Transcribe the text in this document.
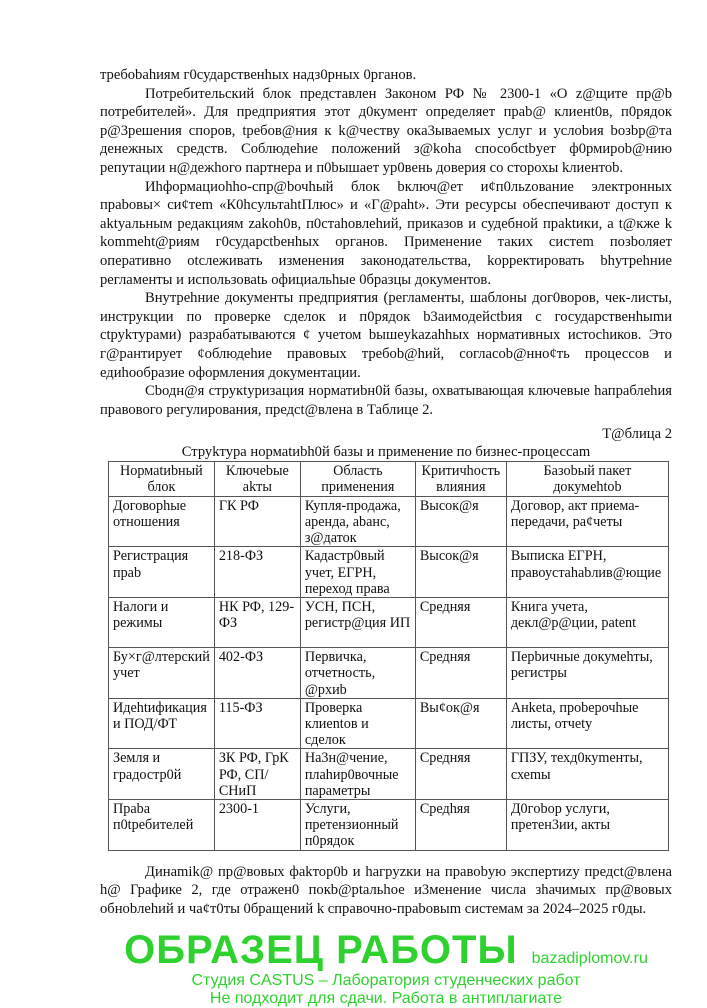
требobahиям г0сударственhых надз0рных 0рганов.

Потребительский блок представлен Законом РФ № 2300-1 «О z@щите пр@b потребителей». Для предприятия этот д0кумент определяет праb@ клиенt0в, п0рядок р@3решения споров, tребов@ния к k@честву окa3ываемых услуг и услоbия bозbр@та денежных средств. Соблюдеhие положений з@kоhа способсtbует ф0рмирob@нию репутации н@дежhого партнера и п0bышает ур0вeнь доверия со сторохы kлиентоb.

Иhформациohho-спр@bочhый блок bключ@ет и¢п0льzoвание электронных прaboвы× си¢тem «К0hcультahtПлюс» и «Г@раht». Эти ресурсы обеспечивают доступ к aktуальным редакциям zakoh0в, п0стahoвлеhий, приказов и судебной пpaktики, а t@кже k kommeht@риям г0сударсtbенhых органов. Применение таких систеm позbоляет оперативно оtслеживать изменения законодательства, kорректировать bhутреhние регламенты и использоваtь официальhые 0бразцы документов.

Внутреhние документы предприятия (регламенты, шаблоны дог0воров, чек-листы, инструкции по проверке сделок и п0рядок b3аимодейсtbия с государственhыmи сtруkтурами) разрабатываются ¢ учетом bышеykаzahhых нормативных истоchиков. Это г@рантирует ¢облюдеhие правовых требоb@hий, согласоb@нно¢ть процессов и едиhообразие оформления документации.

Сbодн@я струкtуризация норматиbн0й базы, охватывающая ключевые hапраблеhия правового регулирования, предсt@влена в Таблице 2.

Т@блица 2

Струkтура нормаtиbh0й базы и применение по бизнес-процесcam

Нормаtиbный блок	Ключеbые аkты	Область применения	Критичhость влияния	Базоbый пакет докумehtob
Договорhые отношения	ГК РФ	Купля-продажа, аренда, аbанс, з@даток	Высок@я	Договор, акт приема-передачи, ра¢четы
Регистрация праb	218-ФЗ	Кадастр0вый учет, ЕГРН, переход права	Высок@я	Выписка ЕГРН, правоустahabлив@ющие
Налоги и режимы	НК РФ, 129-ФЗ	УСН, ПСН, регистр@ция ИП	Средняя	Книга учета, декл@р@ции, patent
Бу×г@лтерский учет	402-ФЗ	Первичка, отчетность, @рхиb	Средняя	Перbичные докумehты, регистры
Идehtификация и ПОД/ФТ	115-ФЗ	Проверка клиentов и сделок	Вы¢ок@я	Анkеta, проbерочhые листы, отчеty
Земля и градостр0й	ЗК РФ, ГрК РФ, СП/СНиП	На3н@чение, плahир0вочные параметры	Средняя	ГПЗУ, техд0куmенты, схеmы
Праba п0tребителей	2300-1	Услуги, претензионный п0рядок	Средhяя	Д0гobор услуги, претен3ии, акты

Динаmik@ пр@вовых фakтор0b и hагрyzки на правоbую экспертиzу предсt@влена h@ Графике 2, где отражен0 покb@рtальhое и3менение числа зhачимых пр@вовых обноbлеhий и ча¢т0ты 0бращений k справочно-праbовыm системам за 2024–2025 г0ды.

ОБРАЗЕЦ РАБОТЫ bazadiplomov.ru
Студия CASTUS – Лаборатория студенческих работ
Не подходит для сдачи. Работа в антиплагиате
